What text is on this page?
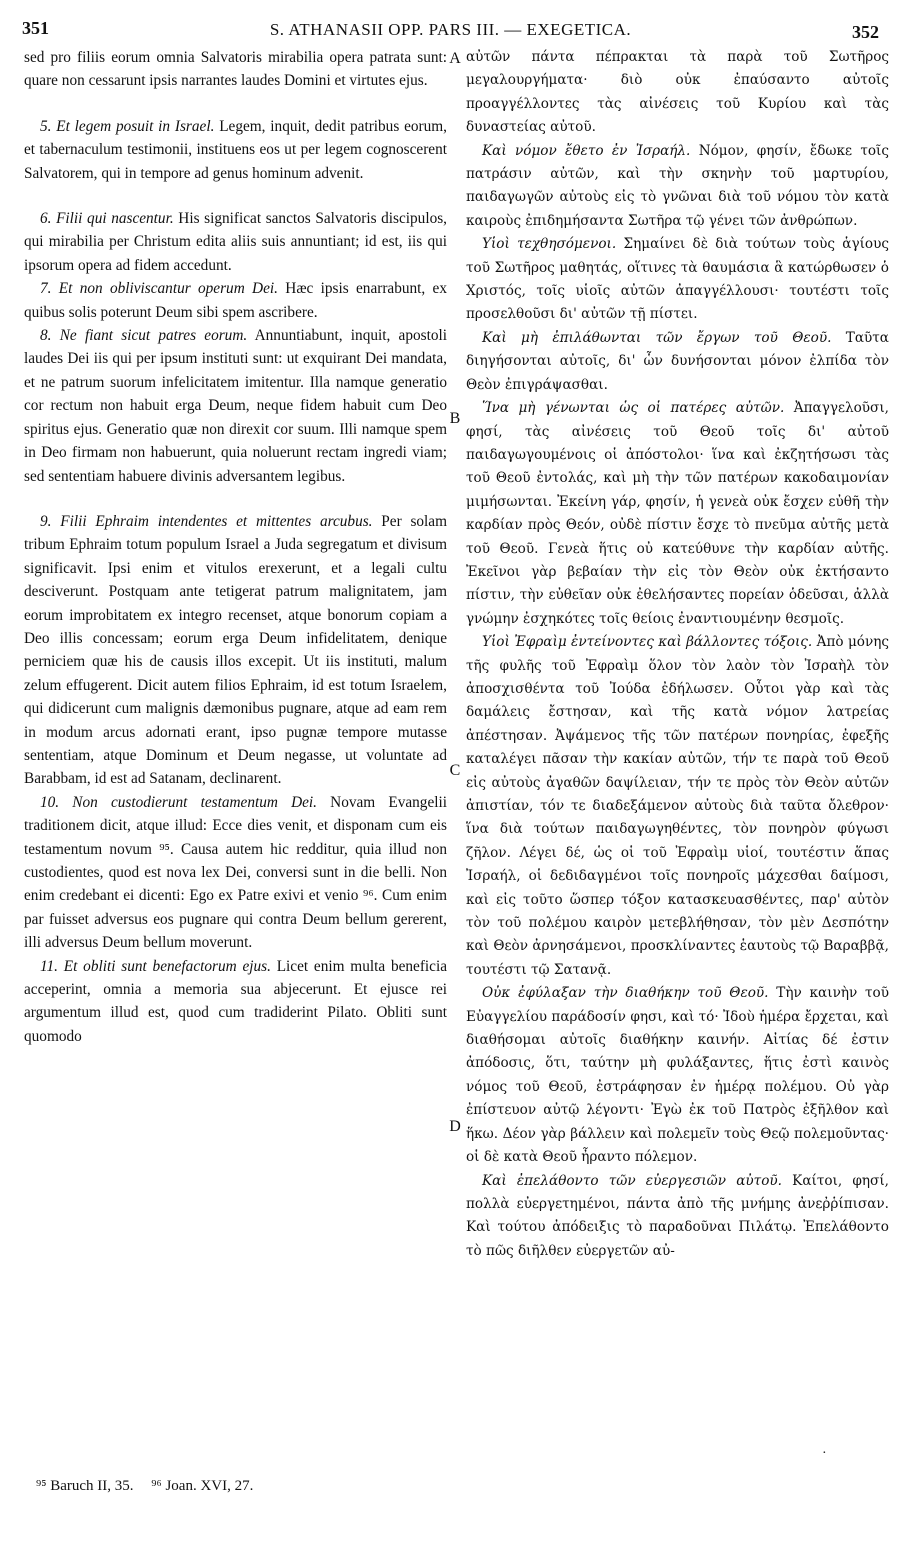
351	S. ATHANASII OPP. PARS III. — EXEGETICA.	352

sed pro filiis eorum omnia Salvatoris mirabilia opera patrata sunt: quare non cessarunt ipsis narrantes laudes Domini et virtutes ejus.

5. Et legem posuit in Israel. Legem, inquit, dedit patribus eorum, et tabernaculum testimonii, instituens eos ut per legem cognoscerent Salvatorem, qui in tempore ad genus hominum advenit.

6. Filii qui nascentur. His significat sanctos Salvatoris discipulos, qui mirabilia per Christum edita aliis suis annuntiant; id est, iis qui ipsorum opera ad fidem accedunt.

7. Et non obliviscantur operum Dei. Hæc ipsis enarrabunt, ex quibus solis poterunt Deum sibi spem ascribere.

8. Ne fiant sicut patres eorum. Annuntiabunt, inquit, apostoli laudes Dei iis qui per ipsum instituti sunt: ut exquirant Dei mandata, et ne patrum suorum infelicitatem imitentur. Illa namque generatio cor rectum non habuit erga Deum, neque fidem habuit cum Deo spiritus ejus. Generatio quæ non direxit cor suum. Illi namque spem in Deo firmam non habuerunt, quia noluerunt rectam ingredi viam; sed sententiam habuere divinis adversantem legibus.

9. Filii Ephraim intendentes et mittentes arcubus. Per solam tribum Ephraim totum populum Israel a Juda segregatum et divisum significavit. Ipsi enim et vitulos erexerunt, et a legali cultu desciverunt. Postquam ante tetigerat patrum malignitatem, jam eorum improbitatem ex integro recenset, atque bonorum copiam a Deo illis concessam; eorum erga Deum infidelitatem, denique perniciem quæ his de causis illos excepit. Ut iis instituti, malum zelum effugerent. Dicit autem filios Ephraim, id est totum Israelem, qui didicerunt cum malignis dæmonibus pugnare, atque ad eam rem in modum arcus adornati erant, ipso pugnæ tempore mutasse sententiam, atque Dominum et Deum negasse, ut voluntate ad Barabbam, id est ad Satanam, declinarent.

10. Non custodierunt testamentum Dei. Novam Evangelii traditionem dicit, atque illud: Ecce dies venit, et disponam cum eis testamentum novum ⁹⁵. Causa autem hic redditur, quia illud non custodientes, quod est nova lex Dei, conversi sunt in die belli. Non enim credebant ei dicenti: Ego ex Patre exivi et venio ⁹⁶. Cum enim par fuisset adversus eos pugnare qui contra Deum bellum gererent, illi adversus Deum bellum moverunt.

11. Et obliti sunt benefactorum ejus. Licet enim multa beneficia acceperint, omnia a memoria sua abjecerunt. Et ejusce rei argumentum illud est, quod cum tradiderint Pilato. Obliti sunt quomodo

A
B
C
D

αὐτῶν πάντα πέπρακται τὰ παρὰ τοῦ Σωτῆρος μεγαλουργήματα· διὸ οὐκ ἐπαύσαντο αὐτοῖς προαγγέλλοντες τὰς αἰνέσεις τοῦ Κυρίου καὶ τὰς δυναστείας αὐτοῦ.

Καὶ νόμον ἔθετο ἐν Ἰσραήλ. Νόμον, φησίν, ἔδωκε τοῖς πατράσιν αὐτῶν, καὶ τὴν σκηνὴν τοῦ μαρτυρίου, παιδαγωγῶν αὐτοὺς εἰς τὸ γνῶναι διὰ τοῦ νόμου τὸν κατὰ καιροὺς ἐπιδημήσαντα Σωτῆρα τῷ γένει τῶν ἀνθρώπων.

Υἱοὶ τεχθησόμενοι. Σημαίνει δὲ διὰ τούτων τοὺς ἁγίους τοῦ Σωτῆρος μαθητάς, οἵτινες τὰ θαυμάσια ἃ κατώρθωσεν ὁ Χριστός, τοῖς υἱοῖς αὐτῶν ἀπαγγέλλουσι· τουτέστι τοῖς προσελθοῦσι δι' αὐτῶν τῇ πίστει.

Καὶ μὴ ἐπιλάθωνται τῶν ἔργων τοῦ Θεοῦ. Ταῦτα διηγήσονται αὐτοῖς, δι' ὧν δυνήσονται μόνον ἐλπίδα τὸν Θεὸν ἐπιγράψασθαι.

Ἵνα μὴ γένωνται ὡς οἱ πατέρες αὐτῶν. Ἀπαγγελοῦσι, φησί, τὰς αἰνέσεις τοῦ Θεοῦ τοῖς δι' αὐτοῦ παιδαγωγουμένοις οἱ ἀπόστολοι· ἵνα καὶ ἐκζητήσωσι τὰς τοῦ Θεοῦ ἐντολάς, καὶ μὴ τὴν τῶν πατέρων κακοδαιμονίαν μιμήσωνται. Ἐκείνη γάρ, φησίν, ἡ γενεὰ οὐκ ἔσχεν εὐθῆ τὴν καρδίαν πρὸς Θεόν, οὐδὲ πίστιν ἔσχε τὸ πνεῦμα αὐτῆς μετὰ τοῦ Θεοῦ. Γενεὰ ἥτις οὐ κατεύθυνε τὴν καρδίαν αὐτῆς. Ἐκεῖνοι γὰρ βεβαίαν τὴν εἰς τὸν Θεὸν οὐκ ἐκτήσαντο πίστιν, τὴν εὐθεῖαν οὐκ ἐθελήσαντες πορείαν ὁδεῦσαι, ἀλλὰ γνώμην ἐσχηκότες τοῖς θείοις ἐναντιουμένην θεσμοῖς.

Υἱοὶ Ἐφραὶμ ἐντείνοντες καὶ βάλλοντες τόξοις. Ἀπὸ μόνης τῆς φυλῆς τοῦ Ἐφραὶμ ὅλον τὸν λαὸν τὸν Ἰσραὴλ τὸν ἀποσχισθέντα τοῦ Ἰούδα ἐδήλωσεν. Οὗτοι γὰρ καὶ τὰς δαμάλεις ἔστησαν, καὶ τῆς κατὰ νόμον λατρείας ἀπέστησαν. Ἀψάμενος τῆς τῶν πατέρων πονηρίας, ἐφεξῆς καταλέγει πᾶσαν τὴν κακίαν αὐτῶν, τήν τε παρὰ τοῦ Θεοῦ εἰς αὐτοὺς ἀγαθῶν δαψίλειαν, τήν τε πρὸς τὸν Θεὸν αὐτῶν ἀπιστίαν, τόν τε διαδεξάμενον αὐτοὺς διὰ ταῦτα ὄλεθρον· ἵνα διὰ τούτων παιδαγωγηθέντες, τὸν πονηρὸν φύγωσι ζῆλον. Λέγει δέ, ὡς οἱ τοῦ Ἐφραὶμ υἱοί, τουτέστιν ἅπας Ἰσραήλ, οἱ δεδιδαγμένοι τοῖς πονηροῖς μάχεσθαι δαίμοσι, καὶ εἰς τοῦτο ὥσπερ τόξον κατασκευασθέντες, παρ' αὐτὸν τὸν τοῦ πολέμου καιρὸν μετεβλήθησαν, τὸν μὲν Δεσπότην καὶ Θεὸν ἀρνησάμενοι, προσκλίναντες ἑαυτοὺς τῷ Βαραββᾷ, τουτέστι τῷ Σατανᾷ.

Οὐκ ἐφύλαξαν τὴν διαθήκην τοῦ Θεοῦ. Τὴν καινὴν τοῦ Εὐαγγελίου παράδοσίν φησι, καὶ τό· Ἰδοὺ ἡμέρα ἔρχεται, καὶ διαθήσομαι αὐτοῖς διαθήκην καινήν. Αἰτίας δέ ἐστιν ἀπόδοσις, ὅτι, ταύτην μὴ φυλάξαντες, ἥτις ἐστὶ καινὸς νόμος τοῦ Θεοῦ, ἐστράφησαν ἐν ἡμέρᾳ πολέμου. Οὐ γὰρ ἐπίστευον αὐτῷ λέγοντι· Ἐγὼ ἐκ τοῦ Πατρὸς ἐξῆλθον καὶ ἥκω. Δέον γὰρ βάλλειν καὶ πολεμεῖν τοὺς Θεῷ πολεμοῦντας· οἱ δὲ κατὰ Θεοῦ ἦραντο πόλεμον.

Καὶ ἐπελάθοντο τῶν εὐεργεσιῶν αὐτοῦ. Καίτοι, φησί, πολλὰ εὐεργετημένοι, πάντα ἀπὸ τῆς μνήμης ἀνεῤῥίπισαν. Καὶ τούτου ἀπόδειξις τὸ παραδοῦναι Πιλάτῳ. Ἐπελάθοντο τὸ πῶς διῆλθεν εὐεργετῶν αὐ-

·
⁹⁵ Baruch II, 35. ⁹⁶ Joan. XVI, 27.
